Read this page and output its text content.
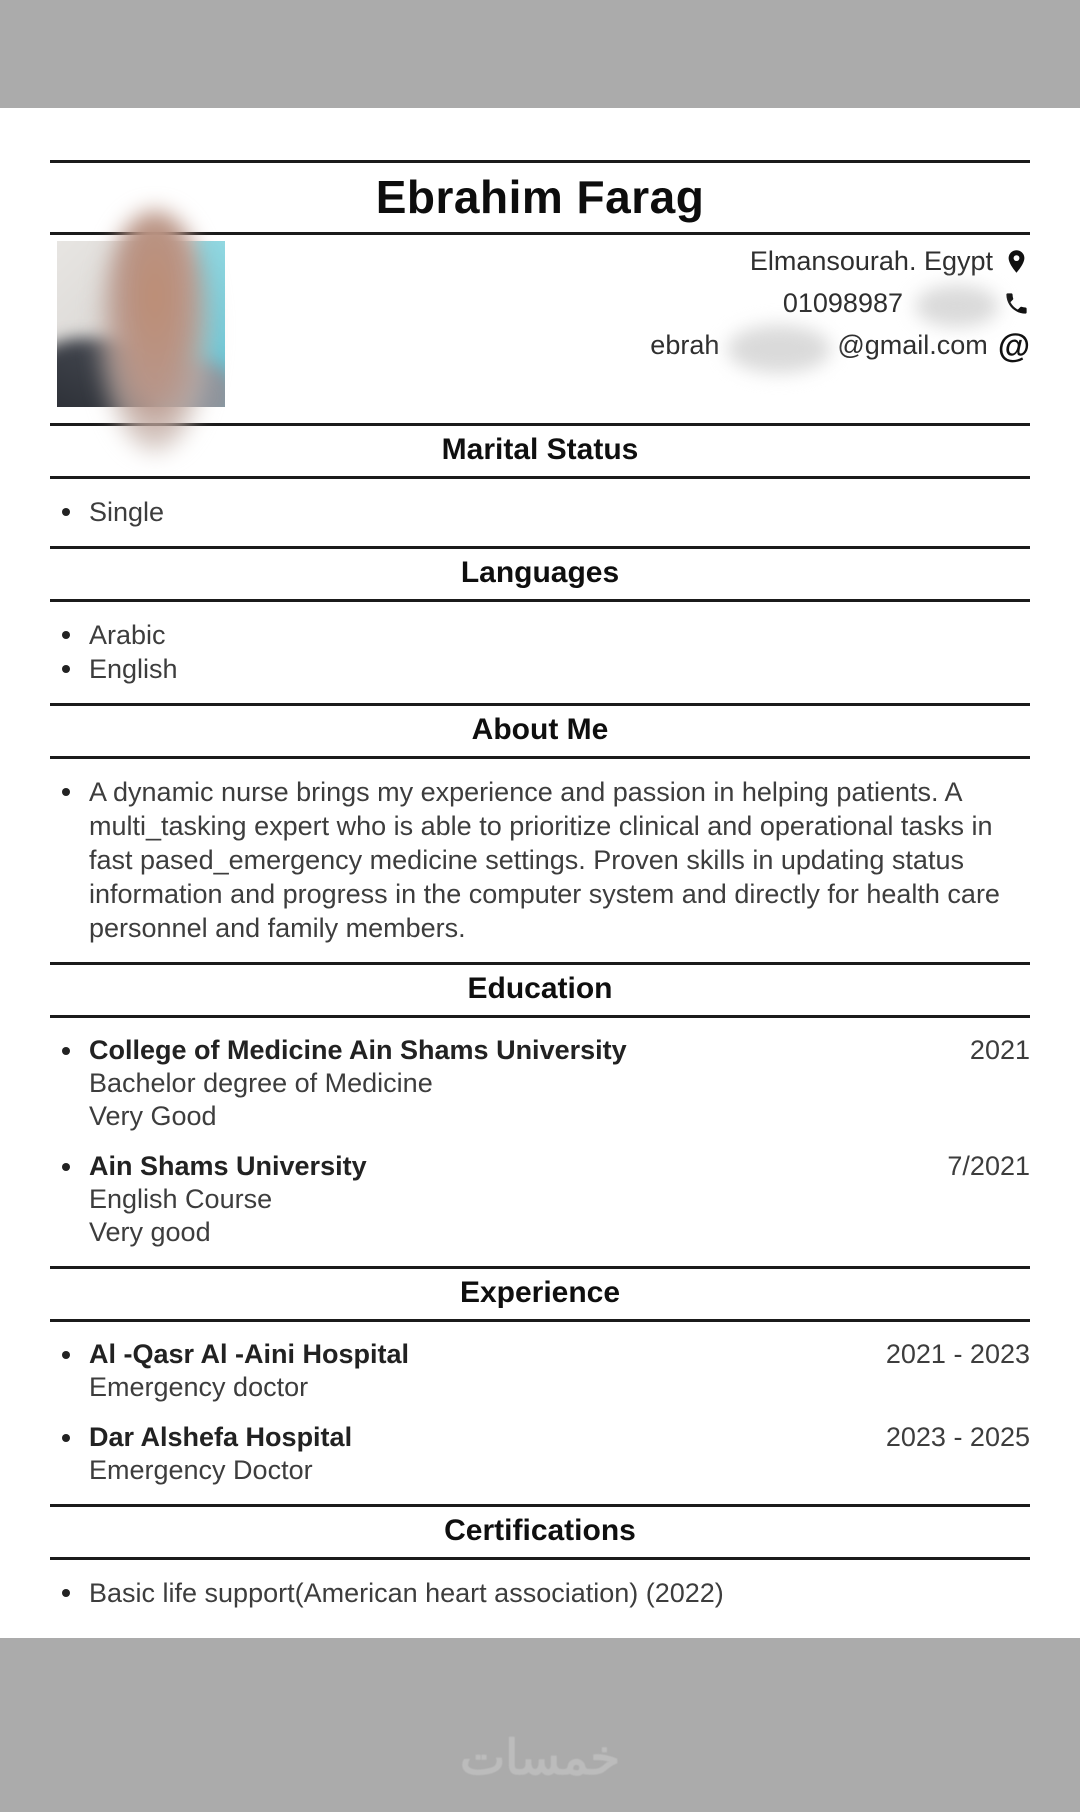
Ebrahim Farag
Elmansourah. Egypt
01098987
ebrah	@gmail.com @
Marital Status
Single
Languages
Arabic
English
About Me
A dynamic nurse brings my experience and passion in helping patients. A multi_tasking expert who is able to prioritize clinical and operational tasks in fast pased_emergency medicine settings. Proven skills in updating status information and progress in the computer system and directly for health care personnel and family members.
Education
College of Medicine Ain Shams University
Bachelor degree of Medicine
Very Good
2021
Ain Shams University
English Course
Very good
7/2021
Experience
Al -Qasr Al -Aini Hospital
Emergency doctor
2021 - 2023
Dar Alshefa Hospital
Emergency Doctor
2023 - 2025
Certifications
Basic life support(American heart association) (2022)
خمسات
